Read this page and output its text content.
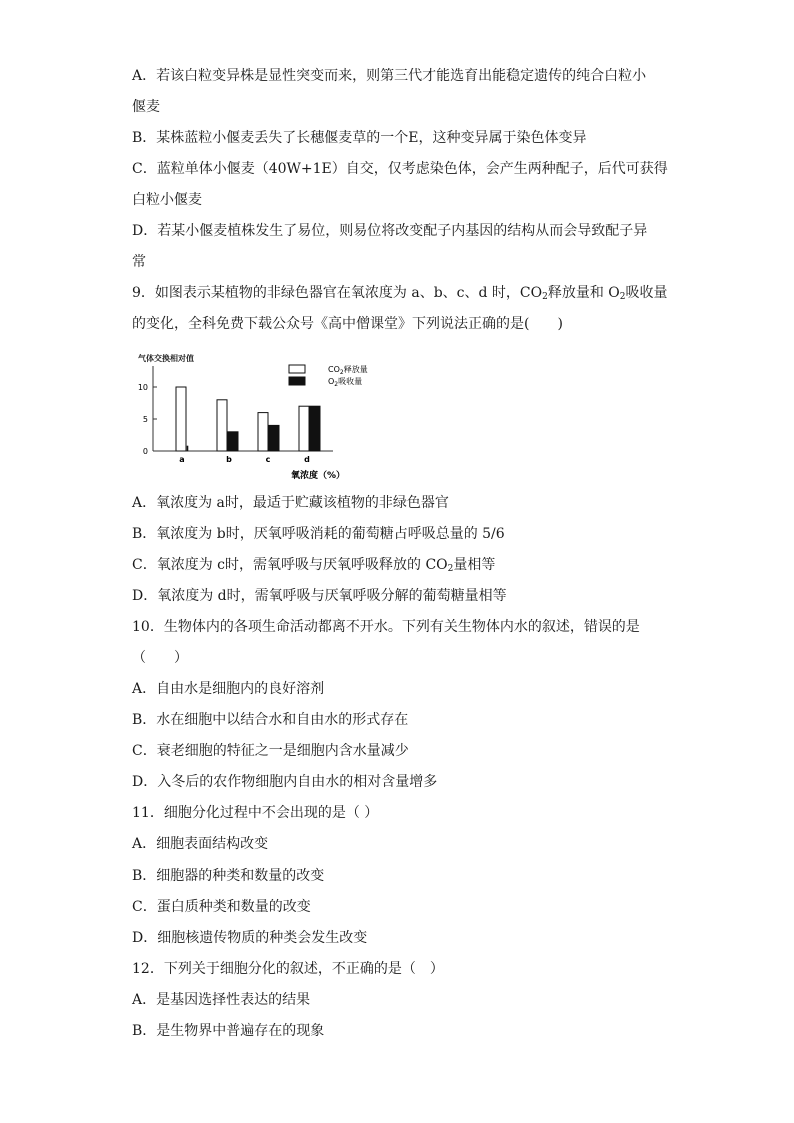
A．若该白粒变异株是显性突变而来，则第三代才能选育出能稳定遗传的纯合白粒小
偃麦
B．某株蓝粒小偃麦丢失了长穗偃麦草的一个E，这种变异属于染色体变异
C．蓝粒单体小偃麦（40W+1E）自交，仅考虑染色体，会产生两种配子，后代可获得
白粒小偃麦
D．若某小偃麦植株发生了易位，则易位将改变配子内基因的结构从而会导致配子异
常
9．如图表示某植物的非绿色器官在氧浓度为 a、b、c、d 时，$CO_2$释放量和 $O_2$吸收量
的变化，全科免费下载公众号《高中僧课堂》下列说法正确的是(　　)
气体交换相对值
0
5
10
a	b	c	d
氧浓度（%）
$CO_2$释放量
$O_2$吸收量
A．氧浓度为 a时，最适于贮藏该植物的非绿色器官
B．氧浓度为 b时，厌氧呼吸消耗的葡萄糖占呼吸总量的 5/6
C．氧浓度为 c时，需氧呼吸与厌氧呼吸释放的 $CO_2$量相等
D．氧浓度为 d时，需氧呼吸与厌氧呼吸分解的葡萄糖量相等
10．生物体内的各项生命活动都离不开水。下列有关生物体内水的叙述，错误的是
（　　）
A．自由水是细胞内的良好溶剂
B．水在细胞中以结合水和自由水的形式存在
C．衰老细胞的特征之一是细胞内含水量减少
D．入冬后的农作物细胞内自由水的相对含量增多
11．细胞分化过程中不会出现的是（ ）
A．细胞表面结构改变
B．细胞器的种类和数量的改变
C．蛋白质种类和数量的改变
D．细胞核遗传物质的种类会发生改变
12．下列关于细胞分化的叙述，不正确的是（　）
A．是基因选择性表达的结果
B．是生物界中普遍存在的现象
